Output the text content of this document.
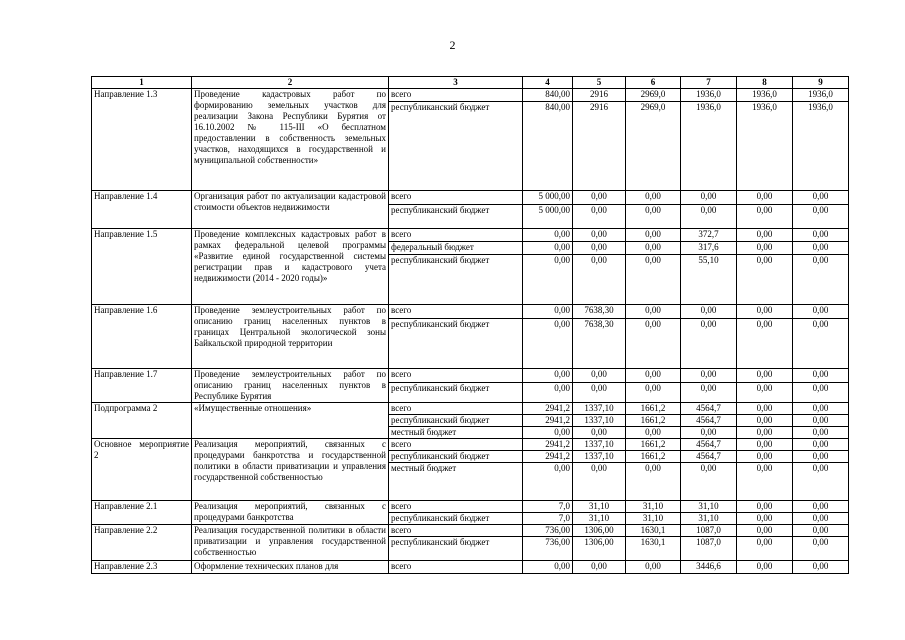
2
1	2	3	4	5	6	7	8	9
Направление 1.3	Проведение кадастровых работ по формированию земельных участков для реализации Закона Республики Бурятия от 16.10.2002 № 115-III «О бесплатном предоставлении в собственность земельных участков, находящихся в государственной и муниципальной собственности»	всего	840,00	2916	2969,0	1936,0	1936,0	1936,0
		республиканский бюджет	840,00	2916	2969,0	1936,0	1936,0	1936,0
Направление 1.4	Организация работ по актуализации кадастровой стоимости объектов недвижимости	всего	5 000,00	0,00	0,00	0,00	0,00	0,00
		республиканский бюджет	5 000,00	0,00	0,00	0,00	0,00	0,00
Направление 1.5	Проведение комплексных кадастровых работ в рамках федеральной целевой программы «Развитие единой государственной системы регистрации прав и кадастрового учета недвижимости (2014 - 2020 годы)»	всего	0,00	0,00	0,00	372,7	0,00	0,00
		федеральный бюджет	0,00	0,00	0,00	317,6	0,00	0,00
		республиканский бюджет	0,00	0,00	0,00	55,10	0,00	0,00
Направление 1.6	Проведение землеустроительных работ по описанию границ населенных пунктов в границах Центральной экологической зоны Байкальской природной территории	всего	0,00	7638,30	0,00	0,00	0,00	0,00
		республиканский бюджет	0,00	7638,30	0,00	0,00	0,00	0,00
Направление 1.7	Проведение землеустроительных работ по описанию границ населенных пунктов в Республике Бурятия	всего	0,00	0,00	0,00	0,00	0,00	0,00
		республиканский бюджет	0,00	0,00	0,00	0,00	0,00	0,00
Подпрограмма 2	«Имущественные отношения»	всего	2941,2	1337,10	1661,2	4564,7	0,00	0,00
		республиканский бюджет	2941,2	1337,10	1661,2	4564,7	0,00	0,00
		местный бюджет	0,00	0,00	0,00	0,00	0,00	0,00
Основное мероприятие 2	Реализация мероприятий, связанных с процедурами банкротства и государственной политики в области приватизации и управления государственной собственностью	всего	2941,2	1337,10	1661,2	4564,7	0,00	0,00
		республиканский бюджет	2941,2	1337,10	1661,2	4564,7	0,00	0,00
		местный бюджет	0,00	0,00	0,00	0,00	0,00	0,00
Направление 2.1	Реализация мероприятий, связанных с процедурами банкротства	всего	7,0	31,10	31,10	31,10	0,00	0,00
		республиканский бюджет	7,0	31,10	31,10	31,10	0,00	0,00
Направление 2.2	Реализация государственной политики в области приватизации и управления государственной собственностью	всего	736,00	1306,00	1630,1	1087,0	0,00	0,00
		республиканский бюджет	736,00	1306,00	1630,1	1087,0	0,00	0,00
Направление 2.3	Оформление технических планов для	всего	0,00	0,00	0,00	3446,6	0,00	0,00
